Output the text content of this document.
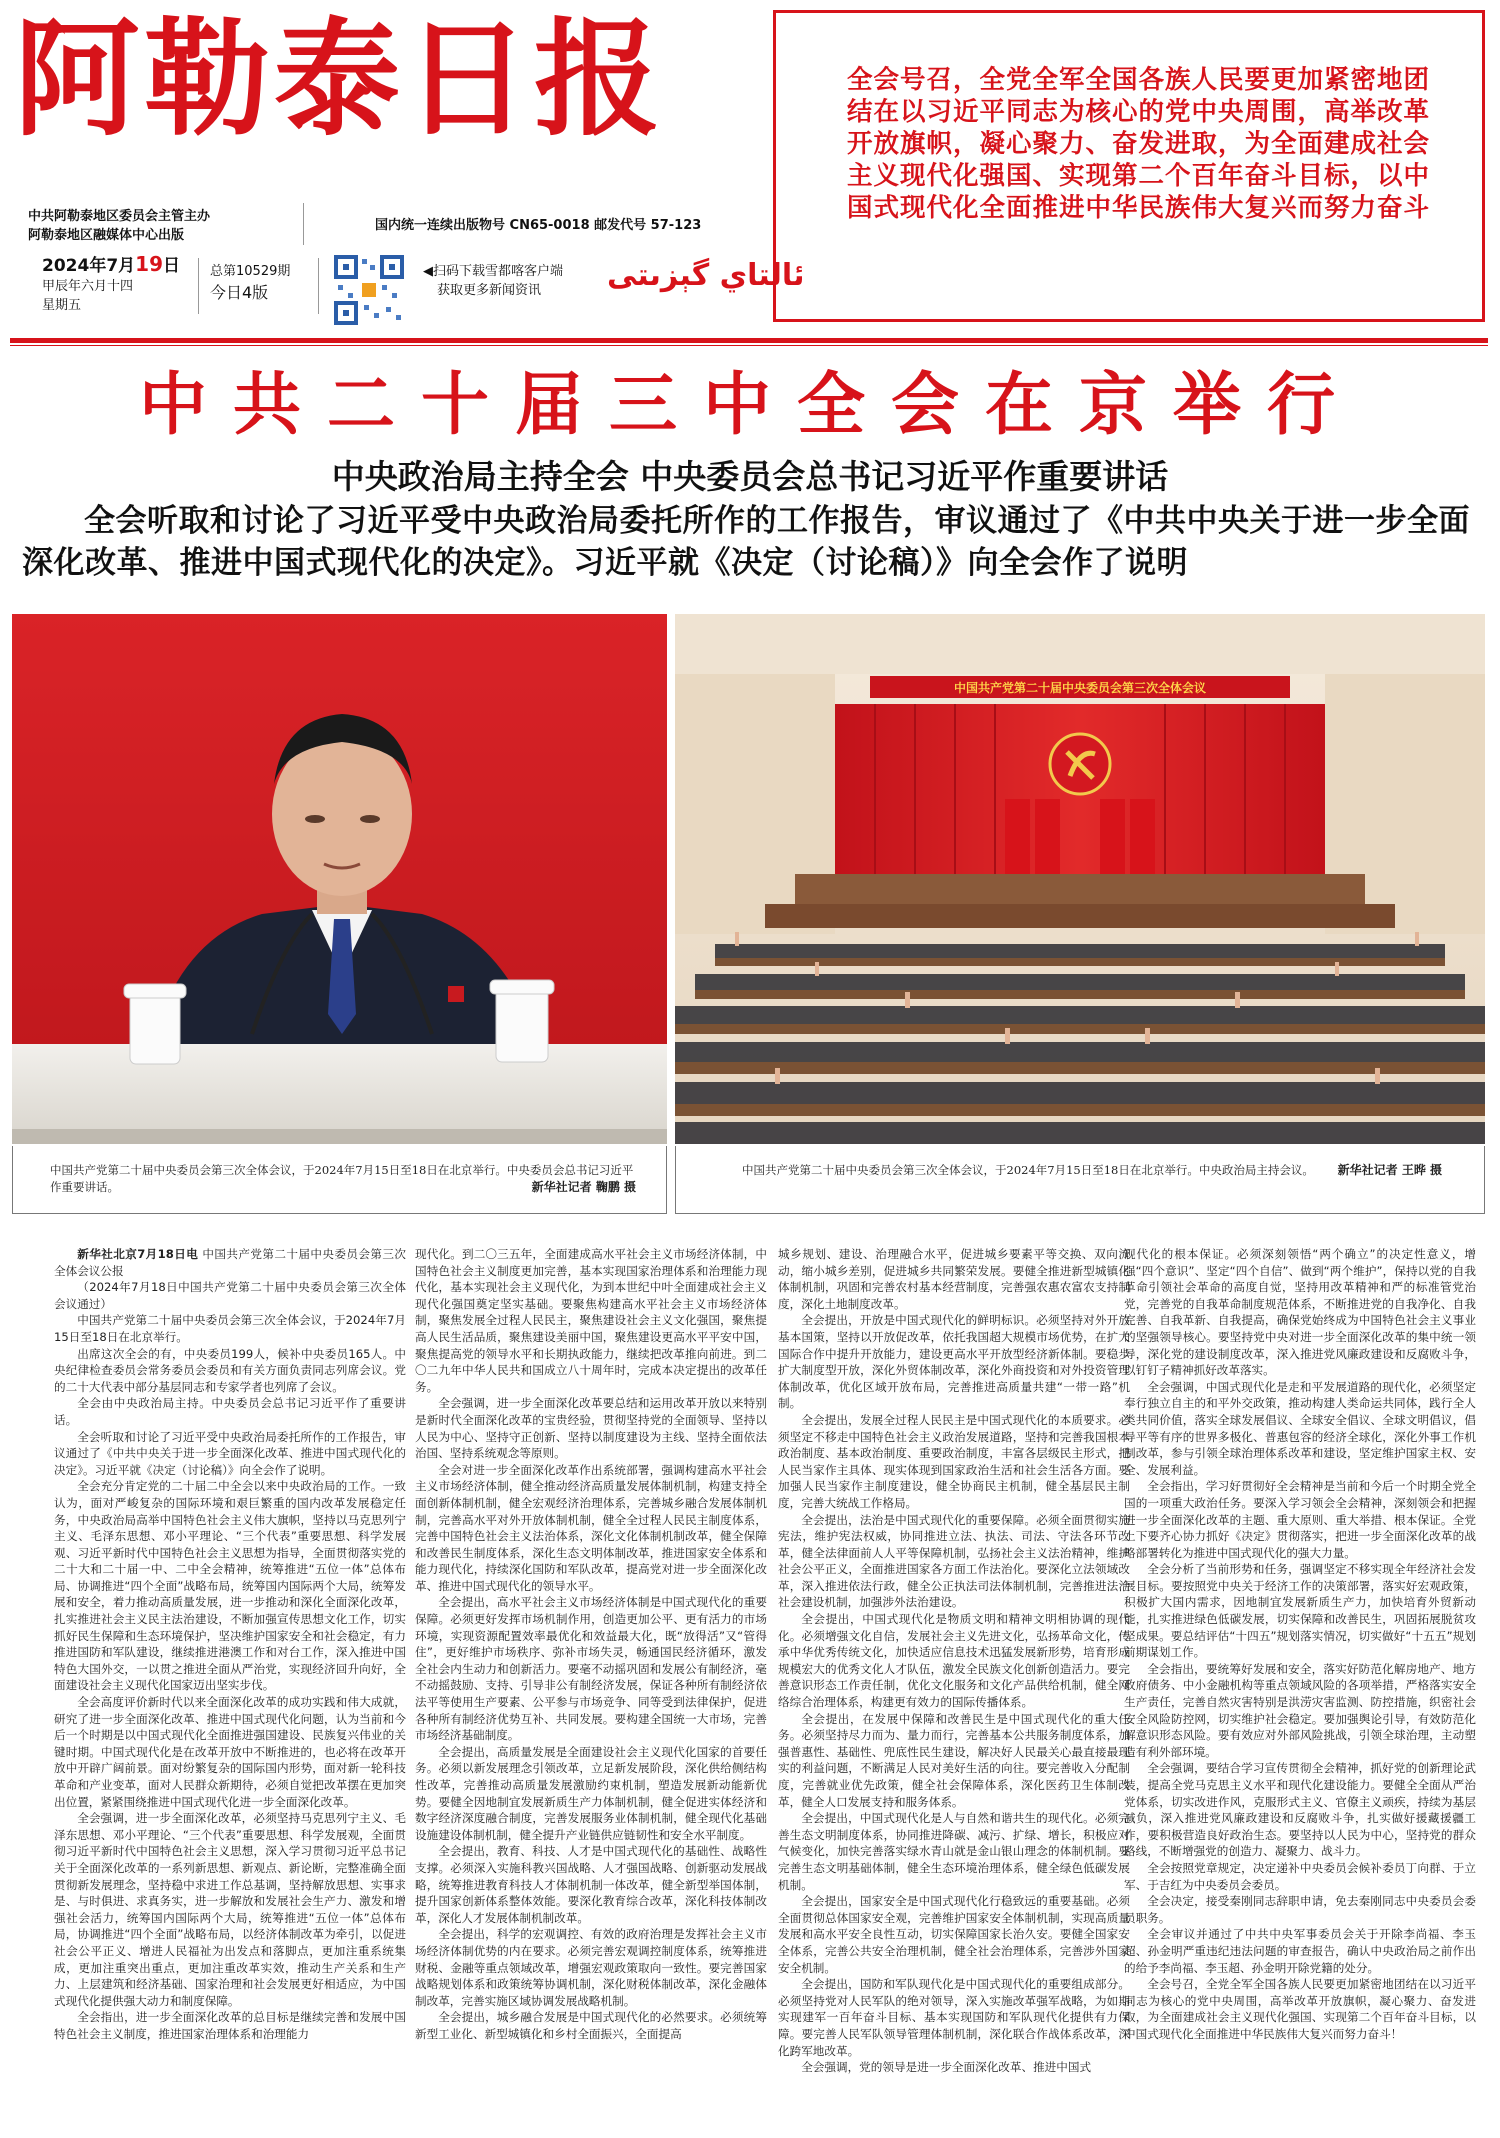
阿勒泰日报
中共阿勒泰地区委员会主管主办
阿勒泰地区融媒体中心出版
国内统一连续出版物号 CN65-0018 邮发代号 57-123
2024年7月19日
甲辰年六月十四
星期五
总第10529期
今日4版
◀扫码下载雪都喀客户端
获取更多新闻资讯	ئالتاي گېزىتى
全会号召，全党全军全国各族人民要更加紧密地团结在以习近平同志为核心的党中央周围，高举改革开放旗帜，凝心聚力、奋发进取，为全面建成社会主义现代化强国、实现第二个百年奋斗目标，以中国式现代化全面推进中华民族伟大复兴而努力奋斗
中共二十届三中全会在京举行
中央政治局主持全会 中央委员会总书记习近平作重要讲话
全会听取和讨论了习近平受中央政治局委托所作的工作报告，审议通过了《中共中央关于进一步全面深化改革、推进中国式现代化的决定》。习近平就《决定（讨论稿）》向全会作了说明
中国共产党第二十届中央委员会第三次全体会议
中国共产党第二十届中央委员会第三次全体会议，于2024年7月15日至18日在北京举行。中央委员会总书记习近平作重要讲话。	新华社记者 鞠鹏 摄
中国共产党第二十届中央委员会第三次全体会议，于2024年7月15日至18日在北京举行。中央政治局主持会议。 新华社记者 王晔 摄

新华社北京7月18日电 中国共产党第二十届中央委员会第三次全体会议公报

（2024年7月18日中国共产党第二十届中央委员会第三次全体会议通过）

中国共产党第二十届中央委员会第三次全体会议，于2024年7月15日至18日在北京举行。

出席这次全会的有，中央委员199人，候补中央委员165人。中央纪律检查委员会常务委员会委员和有关方面负责同志列席会议。党的二十大代表中部分基层同志和专家学者也列席了会议。

全会由中央政治局主持。中央委员会总书记习近平作了重要讲话。

全会听取和讨论了习近平受中央政治局委托所作的工作报告，审议通过了《中共中央关于进一步全面深化改革、推进中国式现代化的决定》。习近平就《决定（讨论稿）》向全会作了说明。

全会充分肯定党的二十届二中全会以来中央政治局的工作。一致认为，面对严峻复杂的国际环境和艰巨繁重的国内改革发展稳定任务，中央政治局高举中国特色社会主义伟大旗帜，坚持以马克思列宁主义、毛泽东思想、邓小平理论、“三个代表”重要思想、科学发展观、习近平新时代中国特色社会主义思想为指导，全面贯彻落实党的二十大和二十届一中、二中全会精神，统筹推进“五位一体”总体布局、协调推进“四个全面”战略布局，统筹国内国际两个大局，统筹发展和安全，着力推动高质量发展，进一步推动和深化全面深化改革，扎实推进社会主义民主法治建设，不断加强宣传思想文化工作，切实抓好民生保障和生态环境保护，坚决维护国家安全和社会稳定，有力推进国防和军队建设，继续推进港澳工作和对台工作，深入推进中国特色大国外交，一以贯之推进全面从严治党，实现经济回升向好，全面建设社会主义现代化国家迈出坚实步伐。

全会高度评价新时代以来全面深化改革的成功实践和伟大成就，研究了进一步全面深化改革、推进中国式现代化问题，认为当前和今后一个时期是以中国式现代化全面推进强国建设、民族复兴伟业的关键时期。中国式现代化是在改革开放中不断推进的，也必将在改革开放中开辟广阔前景。面对纷繁复杂的国际国内形势，面对新一轮科技革命和产业变革，面对人民群众新期待，必须自觉把改革摆在更加突出位置，紧紧围绕推进中国式现代化进一步全面深化改革。

全会强调，进一步全面深化改革，必须坚持马克思列宁主义、毛泽东思想、邓小平理论、“三个代表”重要思想、科学发展观，全面贯彻习近平新时代中国特色社会主义思想，深入学习贯彻习近平总书记关于全面深化改革的一系列新思想、新观点、新论断，完整准确全面贯彻新发展理念，坚持稳中求进工作总基调，坚持解放思想、实事求是、与时俱进、求真务实，进一步解放和发展社会生产力、激发和增强社会活力，统筹国内国际两个大局，统筹推进“五位一体”总体布局，协调推进“四个全面”战略布局，以经济体制改革为牵引，以促进社会公平正义、增进人民福祉为出发点和落脚点，更加注重系统集成，更加注重突出重点，更加注重改革实效，推动生产关系和生产力、上层建筑和经济基础、国家治理和社会发展更好相适应，为中国式现代化提供强大动力和制度保障。

全会指出，进一步全面深化改革的总目标是继续完善和发展中国特色社会主义制度，推进国家治理体系和治理能力

现代化。到二〇三五年，全面建成高水平社会主义市场经济体制，中国特色社会主义制度更加完善，基本实现国家治理体系和治理能力现代化，基本实现社会主义现代化，为到本世纪中叶全面建成社会主义现代化强国奠定坚实基础。要聚焦构建高水平社会主义市场经济体制，聚焦发展全过程人民民主，聚焦建设社会主义文化强国，聚焦提高人民生活品质，聚焦建设美丽中国，聚焦建设更高水平平安中国，聚焦提高党的领导水平和长期执政能力，继续把改革推向前进。到二〇二九年中华人民共和国成立八十周年时，完成本决定提出的改革任务。

全会强调，进一步全面深化改革要总结和运用改革开放以来特别是新时代全面深化改革的宝贵经验，贯彻坚持党的全面领导、坚持以人民为中心、坚持守正创新、坚持以制度建设为主线、坚持全面依法治国、坚持系统观念等原则。

全会对进一步全面深化改革作出系统部署，强调构建高水平社会主义市场经济体制，健全推动经济高质量发展体制机制，构建支持全面创新体制机制，健全宏观经济治理体系，完善城乡融合发展体制机制，完善高水平对外开放体制机制，健全全过程人民民主制度体系，完善中国特色社会主义法治体系，深化文化体制机制改革，健全保障和改善民生制度体系，深化生态文明体制改革，推进国家安全体系和能力现代化，持续深化国防和军队改革，提高党对进一步全面深化改革、推进中国式现代化的领导水平。

全会提出，高水平社会主义市场经济体制是中国式现代化的重要保障。必须更好发挥市场机制作用，创造更加公平、更有活力的市场环境，实现资源配置效率最优化和效益最大化，既“放得活”又“管得住”，更好维护市场秩序、弥补市场失灵，畅通国民经济循环，激发全社会内生动力和创新活力。要毫不动摇巩固和发展公有制经济，毫不动摇鼓励、支持、引导非公有制经济发展，保证各种所有制经济依法平等使用生产要素、公平参与市场竞争、同等受到法律保护，促进各种所有制经济优势互补、共同发展。要构建全国统一大市场，完善市场经济基础制度。

全会提出，高质量发展是全面建设社会主义现代化国家的首要任务。必须以新发展理念引领改革，立足新发展阶段，深化供给侧结构性改革，完善推动高质量发展激励约束机制，塑造发展新动能新优势。要健全因地制宜发展新质生产力体制机制，健全促进实体经济和数字经济深度融合制度，完善发展服务业体制机制，健全现代化基础设施建设体制机制，健全提升产业链供应链韧性和安全水平制度。

全会提出，教育、科技、人才是中国式现代化的基础性、战略性支撑。必须深入实施科教兴国战略、人才强国战略、创新驱动发展战略，统筹推进教育科技人才体制机制一体改革，健全新型举国体制，提升国家创新体系整体效能。要深化教育综合改革，深化科技体制改革，深化人才发展体制机制改革。

全会提出，科学的宏观调控、有效的政府治理是发挥社会主义市场经济体制优势的内在要求。必须完善宏观调控制度体系，统筹推进财税、金融等重点领域改革，增强宏观政策取向一致性。要完善国家战略规划体系和政策统筹协调机制，深化财税体制改革，深化金融体制改革，完善实施区域协调发展战略机制。

全会提出，城乡融合发展是中国式现代化的必然要求。必须统筹新型工业化、新型城镇化和乡村全面振兴，全面提高

城乡规划、建设、治理融合水平，促进城乡要素平等交换、双向流动，缩小城乡差别，促进城乡共同繁荣发展。要健全推进新型城镇化体制机制，巩固和完善农村基本经营制度，完善强农惠农富农支持制度，深化土地制度改革。

全会提出，开放是中国式现代化的鲜明标识。必须坚持对外开放基本国策，坚持以开放促改革，依托我国超大规模市场优势，在扩大国际合作中提升开放能力，建设更高水平开放型经济新体制。要稳步扩大制度型开放，深化外贸体制改革，深化外商投资和对外投资管理体制改革，优化区域开放布局，完善推进高质量共建“一带一路”机制。

全会提出，发展全过程人民民主是中国式现代化的本质要求。必须坚定不移走中国特色社会主义政治发展道路，坚持和完善我国根本政治制度、基本政治制度、重要政治制度，丰富各层级民主形式，把人民当家作主具体、现实体现到国家政治生活和社会生活各方面。要加强人民当家作主制度建设，健全协商民主机制，健全基层民主制度，完善大统战工作格局。

全会提出，法治是中国式现代化的重要保障。必须全面贯彻实施宪法，维护宪法权威，协同推进立法、执法、司法、守法各环节改革，健全法律面前人人平等保障机制，弘扬社会主义法治精神，维护社会公平正义，全面推进国家各方面工作法治化。要深化立法领域改革，深入推进依法行政，健全公正执法司法体制机制，完善推进法治社会建设机制，加强涉外法治建设。

全会提出，中国式现代化是物质文明和精神文明相协调的现代化。必须增强文化自信，发展社会主义先进文化，弘扬革命文化，传承中华优秀传统文化，加快适应信息技术迅猛发展新形势，培育形成规模宏大的优秀文化人才队伍，激发全民族文化创新创造活力。要完善意识形态工作责任制，优化文化服务和文化产品供给机制，健全网络综合治理体系，构建更有效力的国际传播体系。

全会提出，在发展中保障和改善民生是中国式现代化的重大任务。必须坚持尽力而为、量力而行，完善基本公共服务制度体系，加强普惠性、基础性、兜底性民生建设，解决好人民最关心最直接最现实的利益问题，不断满足人民对美好生活的向往。要完善收入分配制度，完善就业优先政策，健全社会保障体系，深化医药卫生体制改革，健全人口发展支持和服务体系。

全会提出，中国式现代化是人与自然和谐共生的现代化。必须完善生态文明制度体系，协同推进降碳、减污、扩绿、增长，积极应对气候变化，加快完善落实绿水青山就是金山银山理念的体制机制。要完善生态文明基础体制，健全生态环境治理体系，健全绿色低碳发展机制。

全会提出，国家安全是中国式现代化行稳致远的重要基础。必须全面贯彻总体国家安全观，完善维护国家安全体制机制，实现高质量发展和高水平安全良性互动，切实保障国家长治久安。要健全国家安全体系，完善公共安全治理机制，健全社会治理体系，完善涉外国家安全机制。

全会提出，国防和军队现代化是中国式现代化的重要组成部分。必须坚持党对人民军队的绝对领导，深入实施改革强军战略，为如期实现建军一百年奋斗目标、基本实现国防和军队现代化提供有力保障。要完善人民军队领导管理体制机制，深化联合作战体系改革，深化跨军地改革。

全会强调，党的领导是进一步全面深化改革、推进中国式

现代化的根本保证。必须深刻领悟“两个确立”的决定性意义，增强“四个意识”、坚定“四个自信”、做到“两个维护”，保持以党的自我革命引领社会革命的高度自觉，坚持用改革精神和严的标准管党治党，完善党的自我革命制度规范体系，不断推进党的自我净化、自我完善、自我革新、自我提高，确保党始终成为中国特色社会主义事业的坚强领导核心。要坚持党中央对进一步全面深化改革的集中统一领导，深化党的建设制度改革，深入推进党风廉政建设和反腐败斗争，以钉钉子精神抓好改革落实。

全会强调，中国式现代化是走和平发展道路的现代化，必须坚定奉行独立自主的和平外交政策，推动构建人类命运共同体，践行全人类共同价值，落实全球发展倡议、全球安全倡议、全球文明倡议，倡导平等有序的世界多极化、普惠包容的经济全球化，深化外事工作机制改革，参与引领全球治理体系改革和建设，坚定维护国家主权、安全、发展利益。

全会指出，学习好贯彻好全会精神是当前和今后一个时期全党全国的一项重大政治任务。要深入学习领会全会精神，深刻领会和把握进一步全面深化改革的主题、重大原则、重大举措、根本保证。全党上下要齐心协力抓好《决定》贯彻落实，把进一步全面深化改革的战略部署转化为推进中国式现代化的强大力量。

全会分析了当前形势和任务，强调坚定不移实现全年经济社会发展目标。要按照党中央关于经济工作的决策部署，落实好宏观政策，积极扩大国内需求，因地制宜发展新质生产力，加快培育外贸新动能，扎实推进绿色低碳发展，切实保障和改善民生，巩固拓展脱贫攻坚成果。要总结评估“十四五”规划落实情况，切实做好“十五五”规划前期谋划工作。

全会指出，要统筹好发展和安全，落实好防范化解房地产、地方政府债务、中小金融机构等重点领域风险的各项举措，严格落实安全生产责任，完善自然灾害特别是洪涝灾害监测、防控措施，织密社会安全风险防控网，切实维护社会稳定。要加强舆论引导，有效防范化解意识形态风险。要有效应对外部风险挑战，引领全球治理，主动塑造有利外部环境。

全会强调，要结合学习宣传贯彻全会精神，抓好党的创新理论武装，提高全党马克思主义水平和现代化建设能力。要健全全面从严治党体系，切实改进作风，克服形式主义、官僚主义顽疾，持续为基层减负，深入推进党风廉政建设和反腐败斗争，扎实做好援藏援疆工作，要积极营造良好政治生态。要坚持以人民为中心，坚持党的群众路线，不断增强党的创造力、凝聚力、战斗力。

全会按照党章规定，决定递补中央委员会候补委员丁向群、于立军、于吉红为中央委员会委员。

全会决定，接受秦刚同志辞职申请，免去秦刚同志中央委员会委员职务。

全会审议并通过了中共中央军事委员会关于开除李尚福、李玉超、孙金明严重违纪违法问题的审查报告，确认中央政治局之前作出的给予李尚福、李玉超、孙金明开除党籍的处分。

全会号召，全党全军全国各族人民要更加紧密地团结在以习近平同志为核心的党中央周围，高举改革开放旗帜，凝心聚力、奋发进取，为全面建成社会主义现代化强国、实现第二个百年奋斗目标，以中国式现代化全面推进中华民族伟大复兴而努力奋斗！
